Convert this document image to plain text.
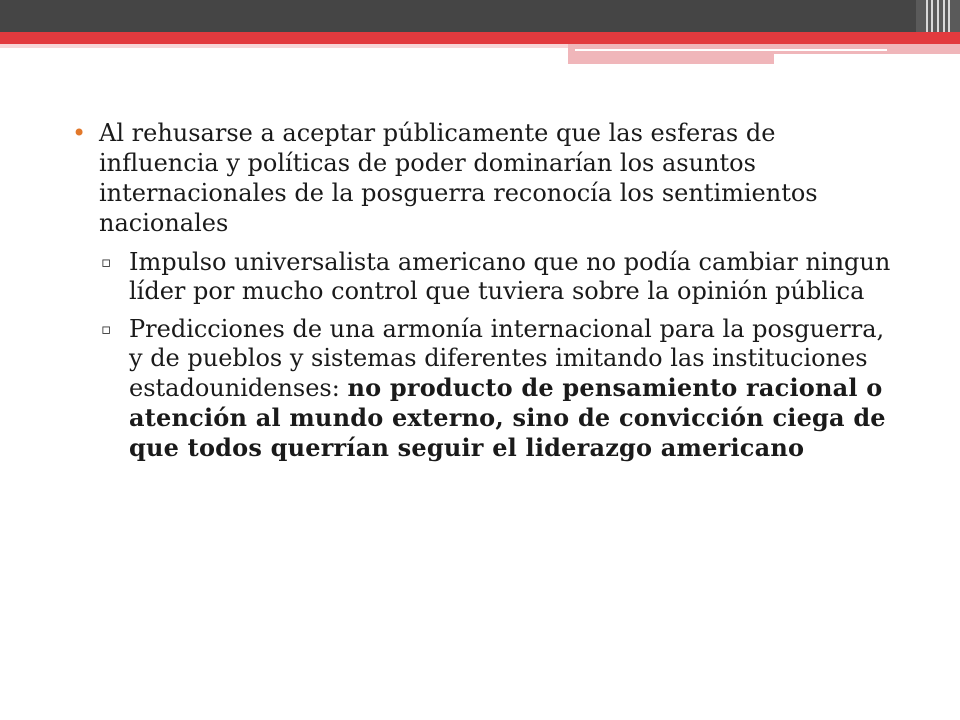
• Al rehusarse a aceptar públicamente que las esferas de influencia y políticas de poder dominarían los asuntos internacionales de la posguerra reconocía los sentimientos nacionales

▫ Impulso universalista americano que no podía cambiar ningun líder por mucho control que tuviera sobre la opinión pública

▫ Predicciones de una armonía internacional para la posguerra, y de pueblos y sistemas diferentes imitando las instituciones estadounidenses: no producto de pensamiento racional o atención al mundo externo, sino de convicción ciega de que todos querrían seguir el liderazgo americano
